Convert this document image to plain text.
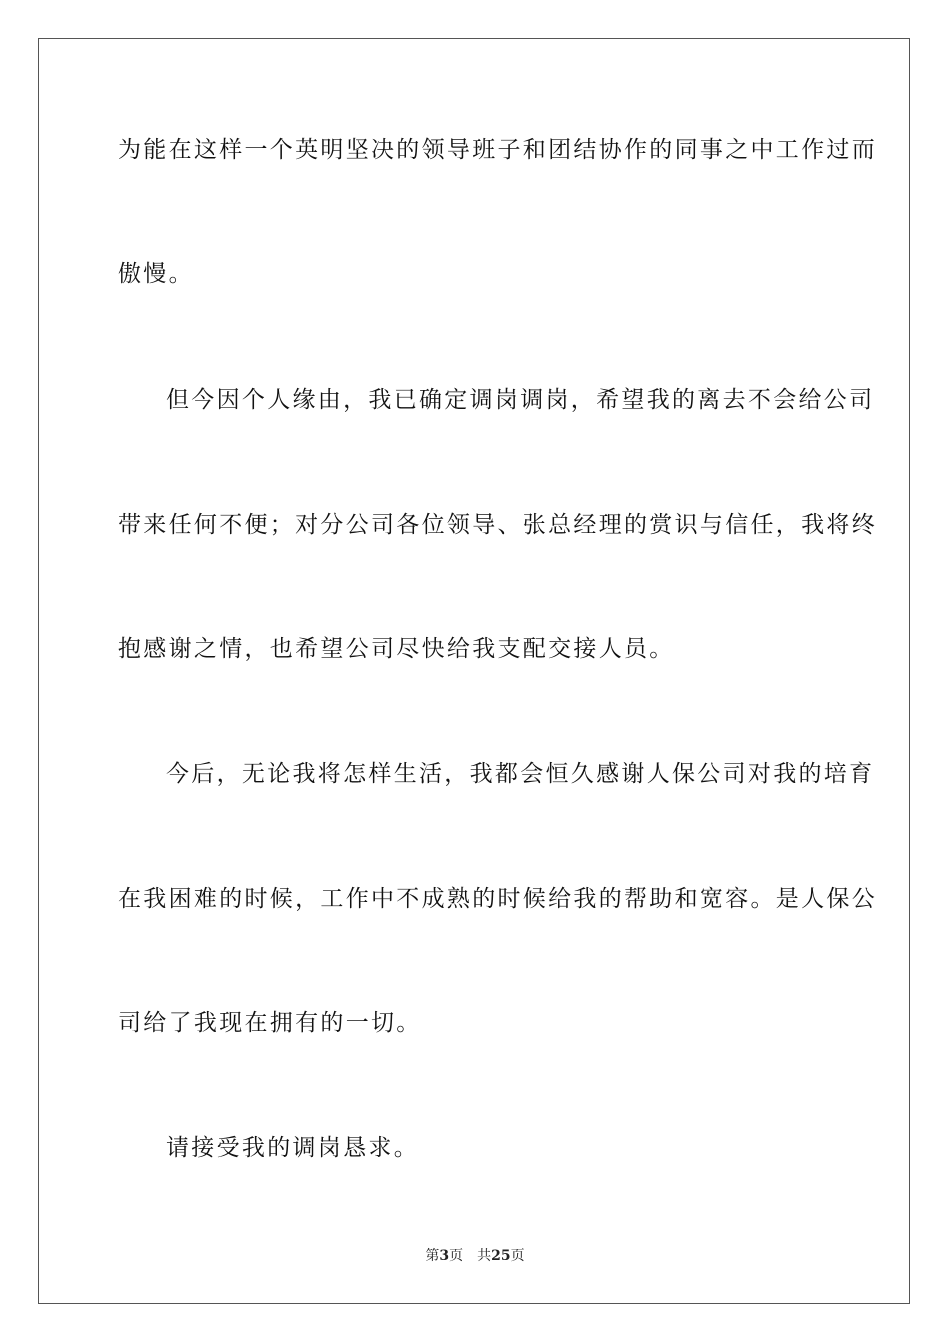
为能在这样一个英明坚决的领导班子和团结协作的同事之中工作过而
傲慢。
但今因个人缘由，我已确定调岗调岗，希望我的离去不会给公司
带来任何不便；对分公司各位领导、张总经理的赏识与信任，我将终
抱感谢之情，也希望公司尽快给我支配交接人员。
今后，无论我将怎样生活，我都会恒久感谢人保公司对我的培育
在我困难的时候，工作中不成熟的时候给我的帮助和宽容。是人保公
司给了我现在拥有的一切。
请接受我的调岗恳求。
第3页 共25页
